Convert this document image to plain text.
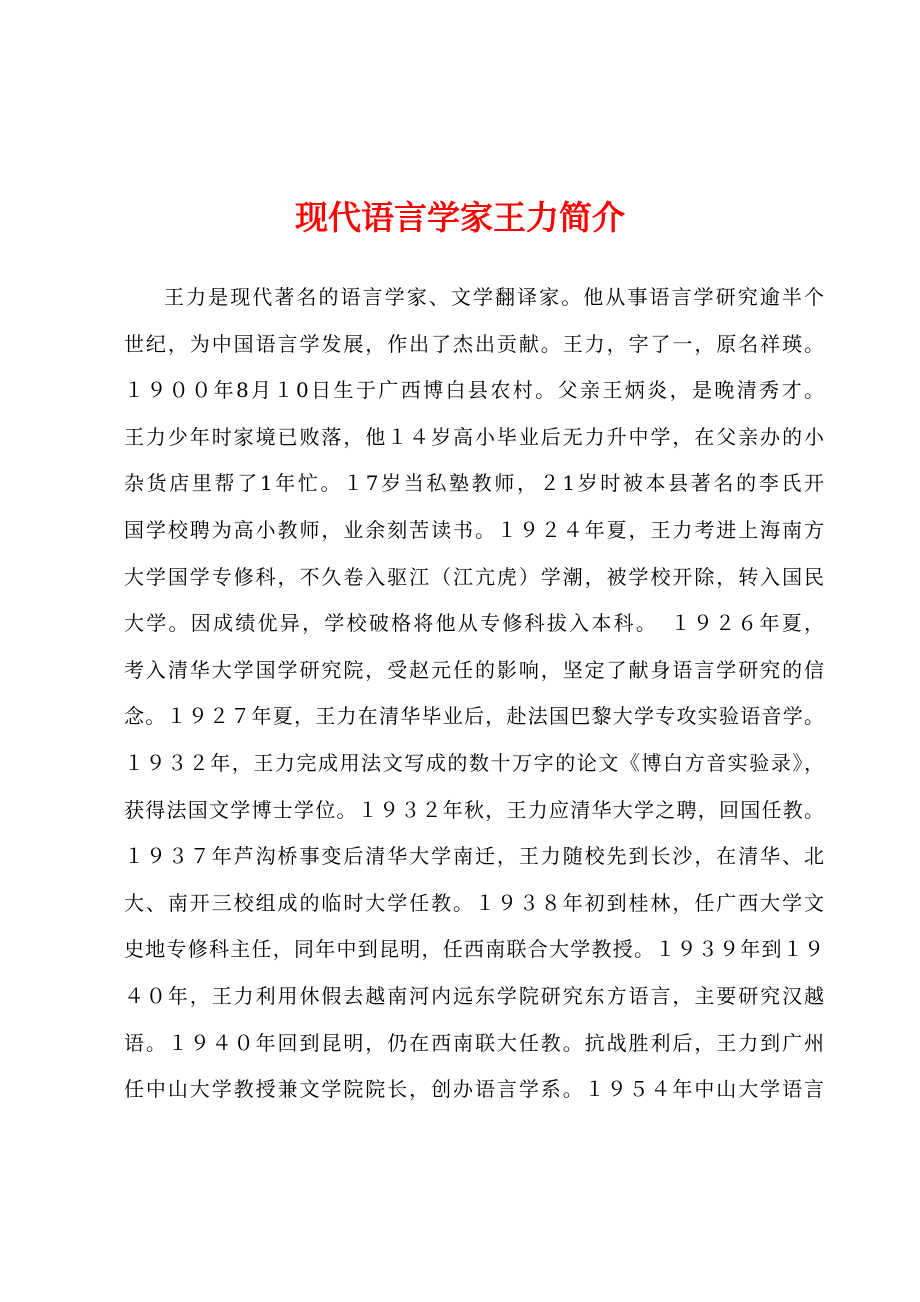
现代语言学家王力简介
王力是现代著名的语言学家、文学翻译家。他从事语言学研究逾半个
世纪，为中国语言学发展，作出了杰出贡献。王力，字了一，原名祥瑛。
１９００年8月１0日生于广西博白县农村。父亲王炳炎，是晚清秀才。
王力少年时家境已败落，他１４岁高小毕业后无力升中学，在父亲办的小
杂货店里帮了1年忙。１7岁当私塾教师，２1岁时被本县著名的李氏开
国学校聘为高小教师，业余刻苦读书。１９２４年夏，王力考进上海南方
大学国学专修科，不久卷入驱江（江亢虎）学潮，被学校开除，转入国民
大学。因成绩优异，学校破格将他从专修科拔入本科。　１９２６年夏，
考入清华大学国学研究院，受赵元任的影响，坚定了献身语言学研究的信
念。１９２７年夏，王力在清华毕业后，赴法国巴黎大学专攻实验语音学。
１９３２年，王力完成用法文写成的数十万字的论文《博白方音实验录》，
获得法国文学博士学位。１９３２年秋，王力应清华大学之聘，回国任教。
１９３７年芦沟桥事变后清华大学南迁，王力随校先到长沙，在清华、北
大、南开三校组成的临时大学任教。１９３８年初到桂林，任广西大学文
史地专修科主任，同年中到昆明，任西南联合大学教授。１９３９年到１９
４０年，王力利用休假去越南河内远东学院研究东方语言，主要研究汉越
语。１９４０年回到昆明，仍在西南联大任教。抗战胜利后，王力到广州
任中山大学教授兼文学院院长，创办语言学系。１９５４年中山大学语言
